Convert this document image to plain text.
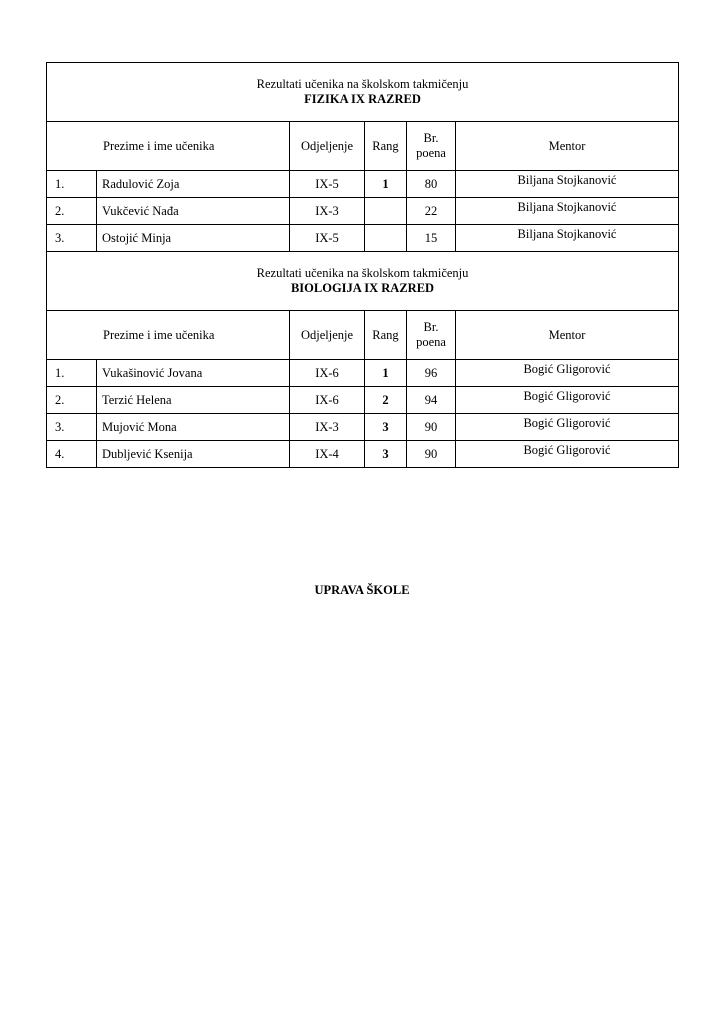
Rezultati učenika na školskom takmičenju
FIZIKA IX RAZRED					

Prezime i ime učenika		Odjeljenje	Rang	Br.
poena	Mentor
1.	Radulović Zoja	IX-5	1	80	Biljana Stojkanović
2.	Vukčević Nađa	IX-3		22	Biljana Stojkanović
3.	Ostojić Minja	IX-5		15	Biljana Stojkanović

Rezultati učenika na školskom takmičenju
BIOLOGIJA IX RAZRED					

Prezime i ime učenika		Odjeljenje	Rang	Br.
poena	Mentor
1.	Vukašinović Jovana	IX-6	1	96	Bogić Gligorović
2.	Terzić Helena	IX-6	2	94	Bogić Gligorović
3.	Mujović Mona	IX-3	3	90	Bogić Gligorović
4.	Dubljević Ksenija	IX-4	3	90	Bogić Gligorović
UPRAVA ŠKOLE
